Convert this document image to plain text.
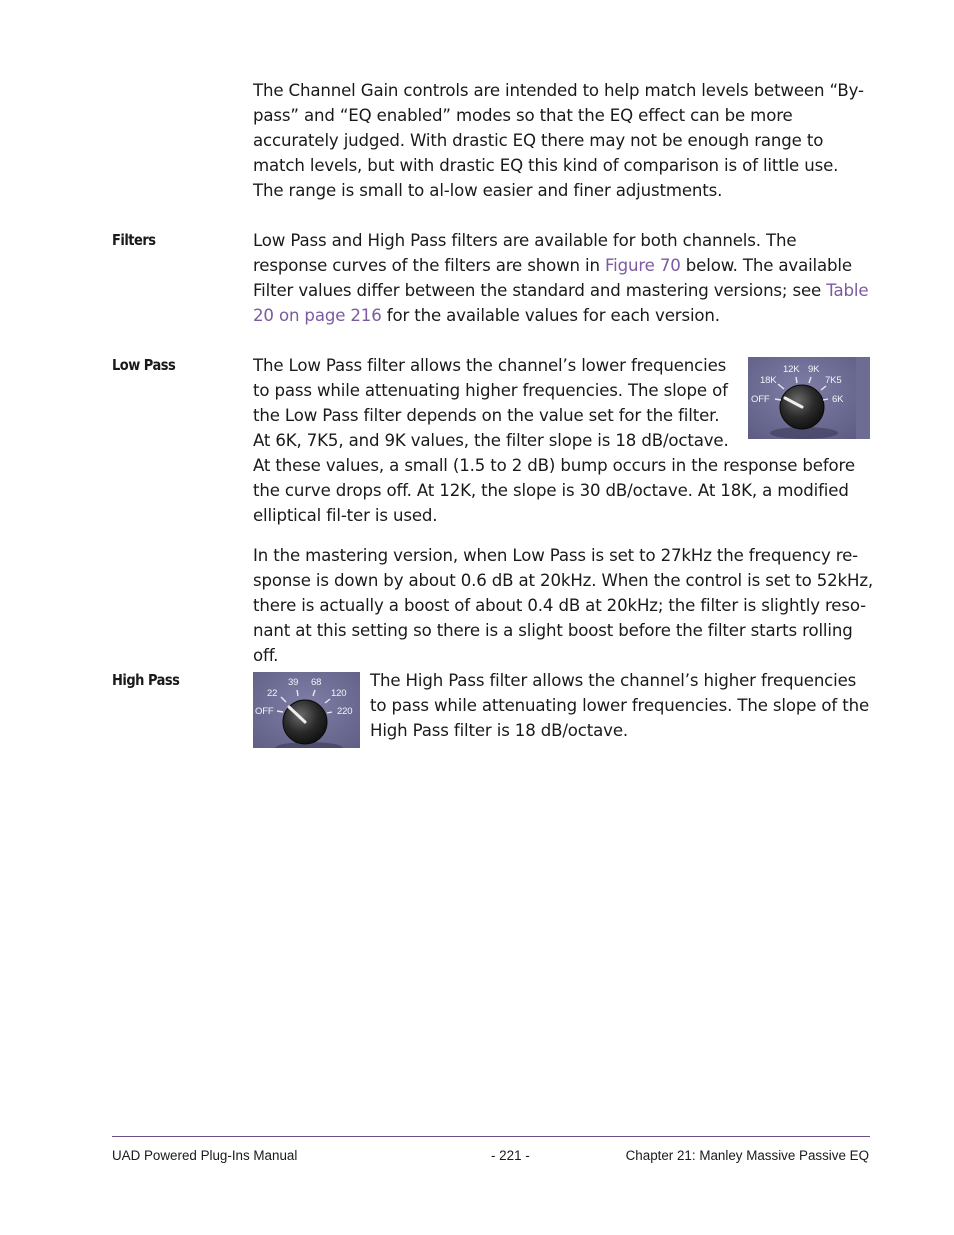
The Channel Gain controls are intended to help match levels between “By-pass” and “EQ enabled” modes so that the EQ effect can be more accurately judged. With drastic EQ there may not be enough range to match levels, but with drastic EQ this kind of comparison is of little use. The range is small to al-low easier and finer adjustments.

Filters	Low Pass and High Pass filters are available for both channels. The response curves of the filters are shown in Figure 70 below. The available Filter values differ between the standard and mastering versions; see Table 20 on page 216 for the available values for each version.

Low Pass
OFF
18K
12K 9K
7K5
6K
The Low Pass filter allows the channel’s lower frequencies to pass while attenuating higher frequencies. The slope of the Low Pass filter depends on the value set for the filter. At 6K, 7K5, and 9K values, the filter slope is 18 dB/octave. At these values, a small (1.5 to 2 dB) bump occurs in the response before the curve drops off. At 12K, the slope is 30 dB/octave. At 18K, a modified elliptical fil-ter is used.

In the mastering version, when Low Pass is set to 27kHz the frequency re-sponse is down by about 0.6 dB at 20kHz. When the control is set to 52kHz, there is actually a boost of about 0.4 dB at 20kHz; the filter is slightly reso-nant at this setting so there is a slight boost before the filter starts rolling off.

High Pass
OFF
22
39 68
120
220
The High Pass filter allows the channel’s higher frequencies to pass while attenuating lower frequencies. The slope of the High Pass filter is 18 dB/octave.
UAD Powered Plug-Ins Manual	- 221 -	Chapter 21: Manley Massive Passive EQ
